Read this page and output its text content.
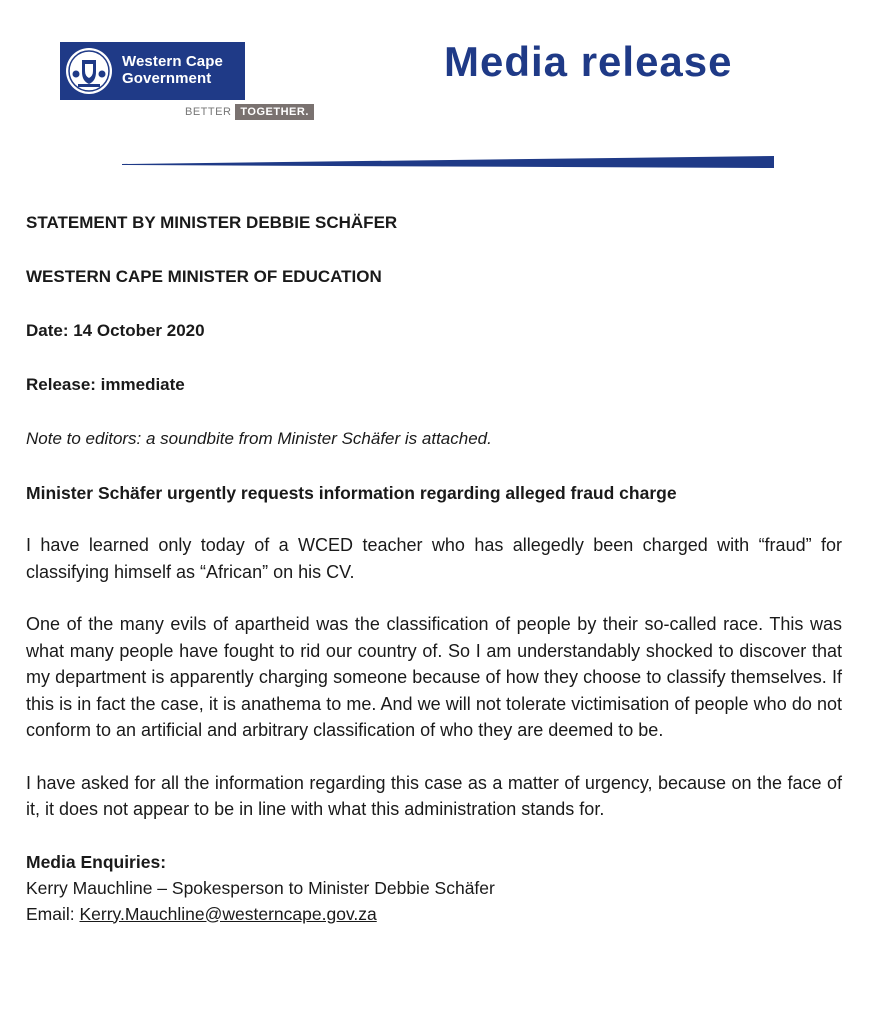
Western Cape
Government
BETTER TOGETHER.
Media release
STATEMENT BY MINISTER DEBBIE SCHÄFER
WESTERN CAPE MINISTER OF EDUCATION
Date: 14 October 2020
Release: immediate
Note to editors: a soundbite from Minister Schäfer is attached.
Minister Schäfer urgently requests information regarding alleged fraud charge

I have learned only today of a WCED teacher who has allegedly been charged with “fraud” for classifying himself as “African” on his CV.

One of the many evils of apartheid was the classification of people by their so-called race. This was what many people have fought to rid our country of. So I am understandably shocked to discover that my department is apparently charging someone because of how they choose to classify themselves. If this is in fact the case, it is anathema to me. And we will not tolerate victimisation of people who do not conform to an artificial and arbitrary classification of who they are deemed to be.

I have asked for all the information regarding this case as a matter of urgency, because on the face of it, it does not appear to be in line with what this administration stands for.

Media Enquiries:
Kerry Mauchline – Spokesperson to Minister Debbie Schäfer
Email: Kerry.Mauchline@westerncape.gov.za
